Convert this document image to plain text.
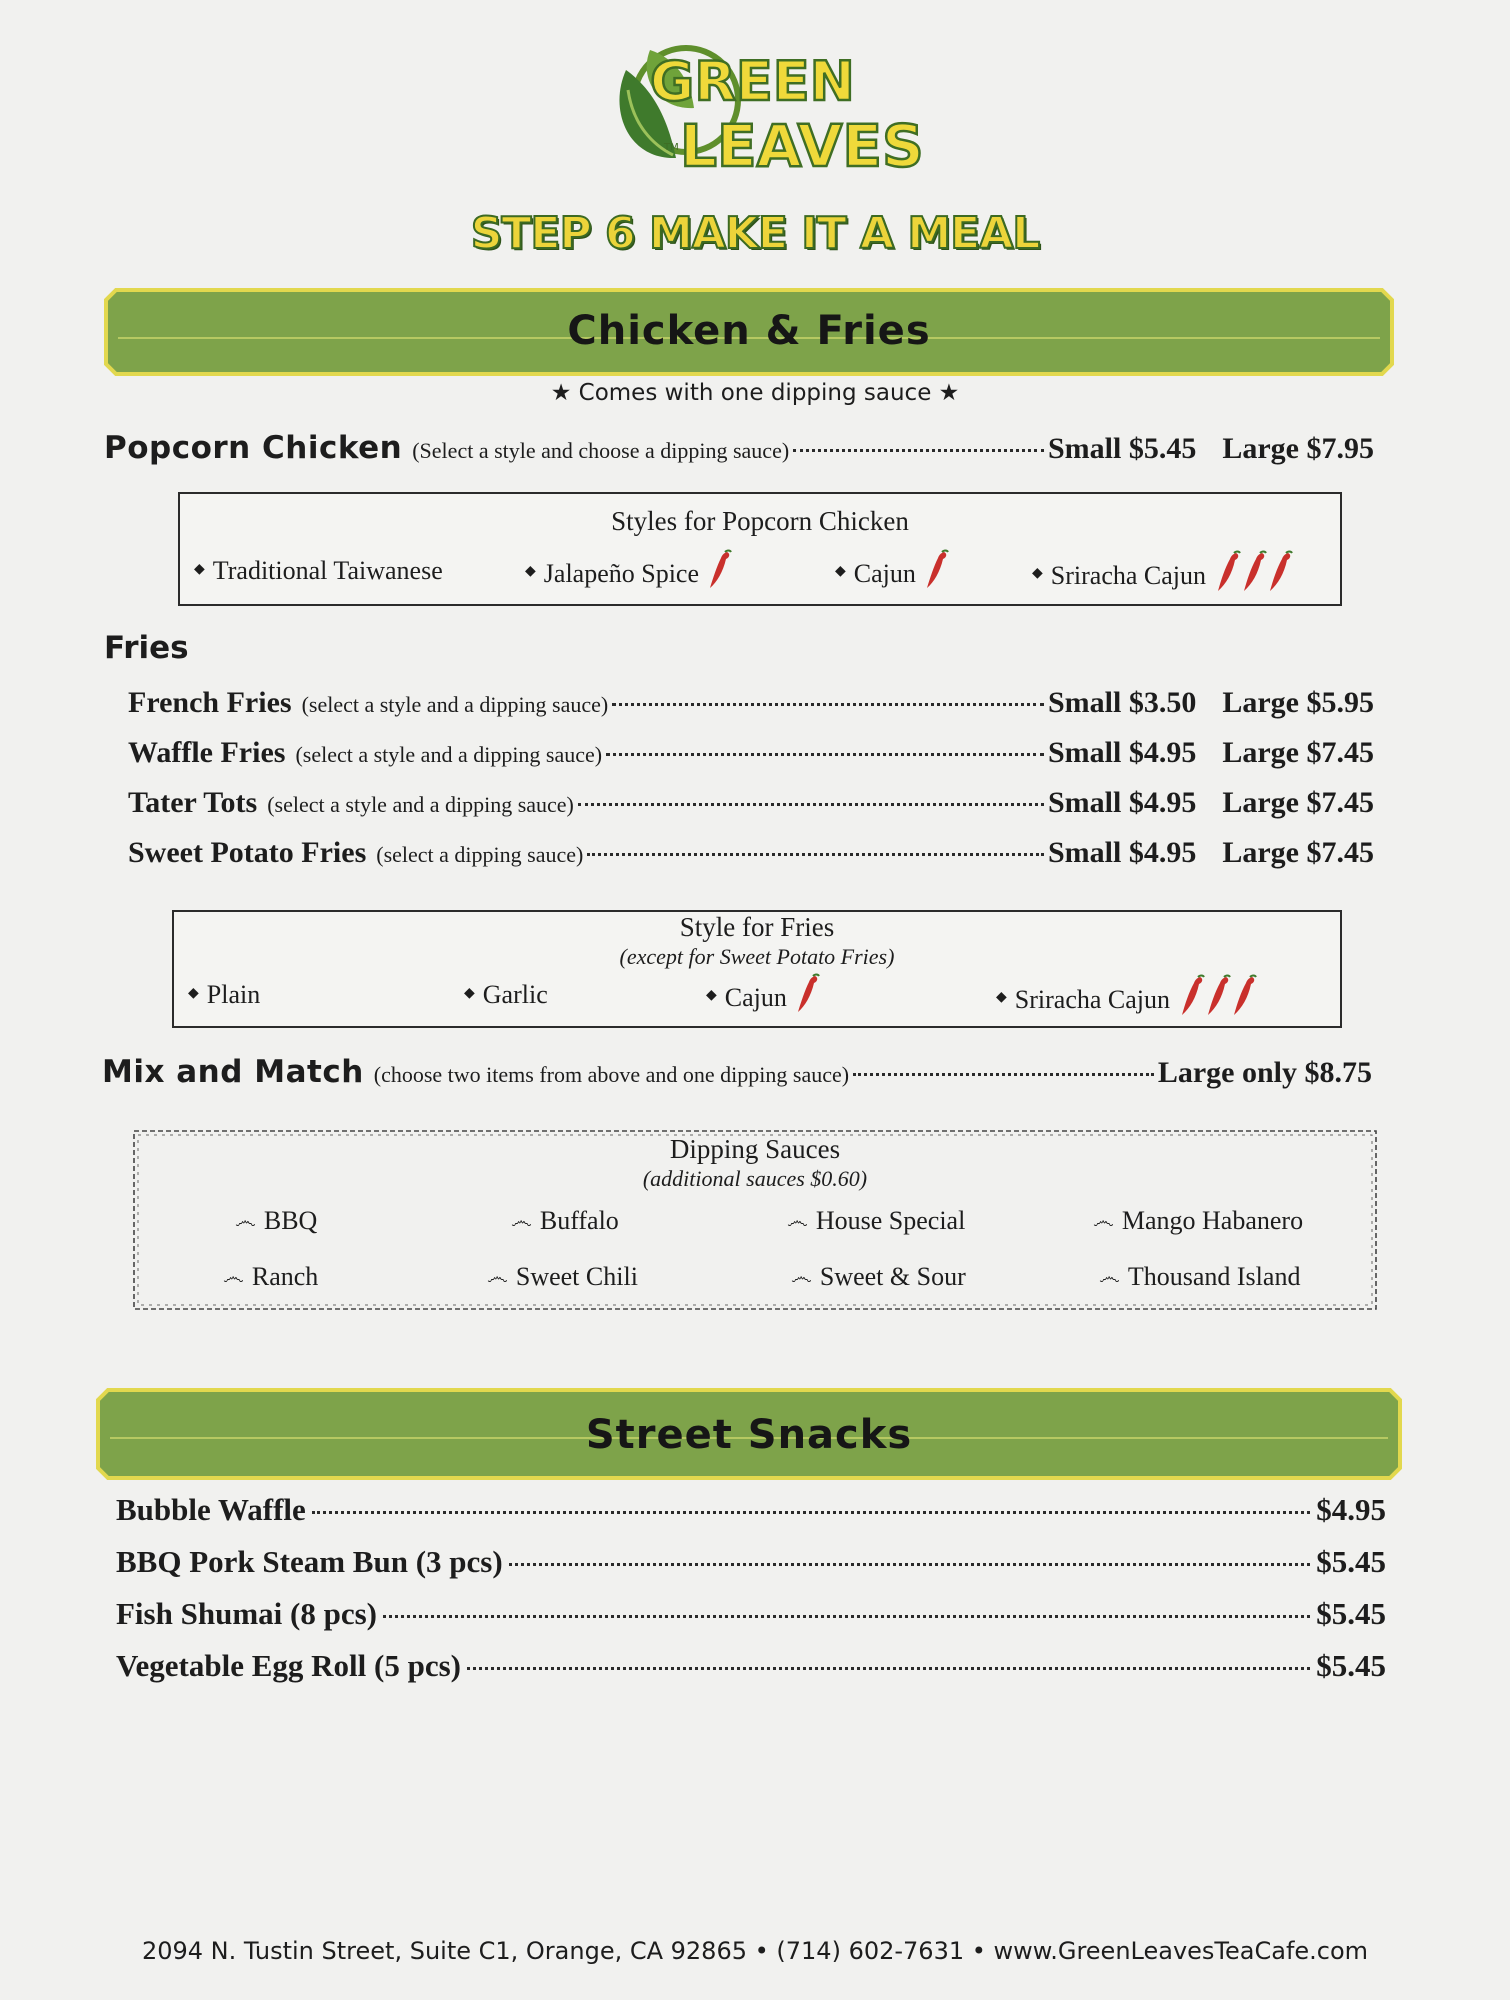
GREEN
LEAVES
TM
STEP 6 MAKE IT A MEAL
Chicken & Fries
★ Comes with one dipping sauce ★
Popcorn Chicken (Select a style and choose a dipping sauce)	Small $5.45 Large $7.95
Styles for Popcorn Chicken
◆ Traditional Taiwanese	◆ Jalapeño Spice	◆ Cajun	◆ Sriracha Cajun
Fries
French Fries (select a style and a dipping sauce)	Small $3.50 Large $5.95
Waffle Fries (select a style and a dipping sauce)	Small $4.95 Large $7.45
Tater Tots (select a style and a dipping sauce)	Small $4.95 Large $7.45
Sweet Potato Fries (select a dipping sauce)	Small $4.95 Large $7.45
Style for Fries
(except for Sweet Potato Fries)
◆ Plain	◆ Garlic	◆ Cajun	◆ Sriracha Cajun
Mix and Match (choose two items from above and one dipping sauce)	Large only $8.75
Dipping Sauces
(additional sauces $0.60)
෴ BBQ	෴ Buffalo	෴ House Special	෴ Mango Habanero
෴ Ranch	෴ Sweet Chili	෴ Sweet & Sour	෴ Thousand Island
Street Snacks
Bubble Waffle	$4.95
BBQ Pork Steam Bun (3 pcs)	$5.45
Fish Shumai (8 pcs)	$5.45
Vegetable Egg Roll (5 pcs)	$5.45
2094 N. Tustin Street, Suite C1, Orange, CA 92865 • (714) 602-7631 • www.GreenLeavesTeaCafe.com
